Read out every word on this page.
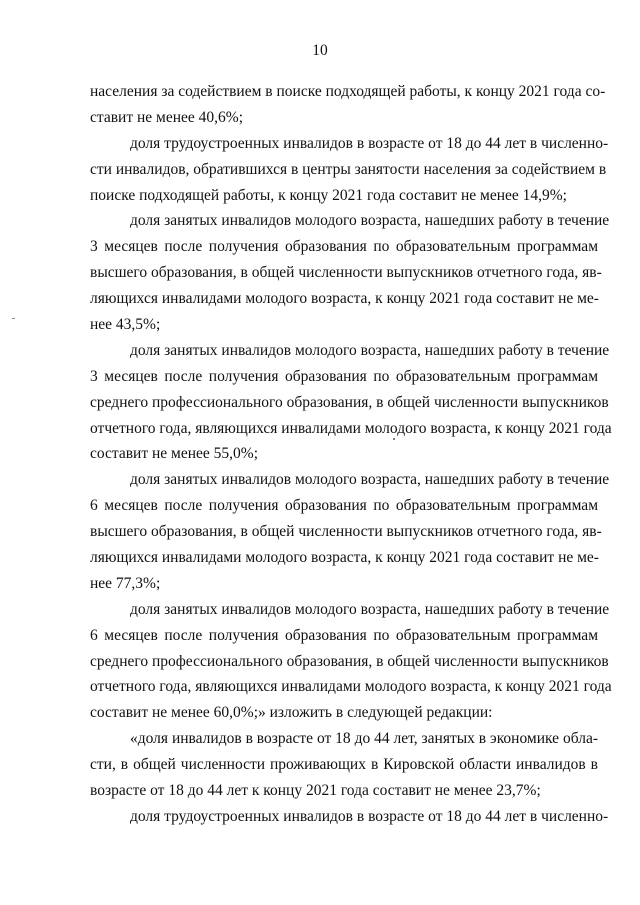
10
населения за содействием в поиске подходящей работы, к концу 2021 года со-
ставит не менее 40,6%;
доля трудоустроенных инвалидов в возрасте от 18 до 44 лет в численно-
сти инвалидов, обратившихся в центры занятости населения за содействием в
поиске подходящей работы, к концу 2021 года составит не менее 14,9%;
доля занятых инвалидов молодого возраста, нашедших работу в течение
3 месяцев после получения образования по образовательным программам
высшего образования, в общей численности выпускников отчетного года, яв-
ляющихся инвалидами молодого возраста, к концу 2021 года составит не ме-
нее 43,5%;
доля занятых инвалидов молодого возраста, нашедших работу в течение
3 месяцев после получения образования по образовательным программам
среднего профессионального образования, в общей численности выпускников
отчетного года, являющихся инвалидами молодого возраста, к концу 2021 года
составит не менее 55,0%;
доля занятых инвалидов молодого возраста, нашедших работу в течение
6 месяцев после получения образования по образовательным программам
высшего образования, в общей численности выпускников отчетного года, яв-
ляющихся инвалидами молодого возраста, к концу 2021 года составит не ме-
нее 77,3%;
доля занятых инвалидов молодого возраста, нашедших работу в течение
6 месяцев после получения образования по образовательным программам
среднего профессионального образования, в общей численности выпускников
отчетного года, являющихся инвалидами молодого возраста, к концу 2021 года
составит не менее 60,0%;» изложить в следующей редакции:
«доля инвалидов в возрасте от 18 до 44 лет, занятых в экономике обла-
сти, в общей численности проживающих в Кировской области инвалидов в
возрасте от 18 до 44 лет к концу 2021 года составит не менее 23,7%;
доля трудоустроенных инвалидов в возрасте от 18 до 44 лет в численно-
